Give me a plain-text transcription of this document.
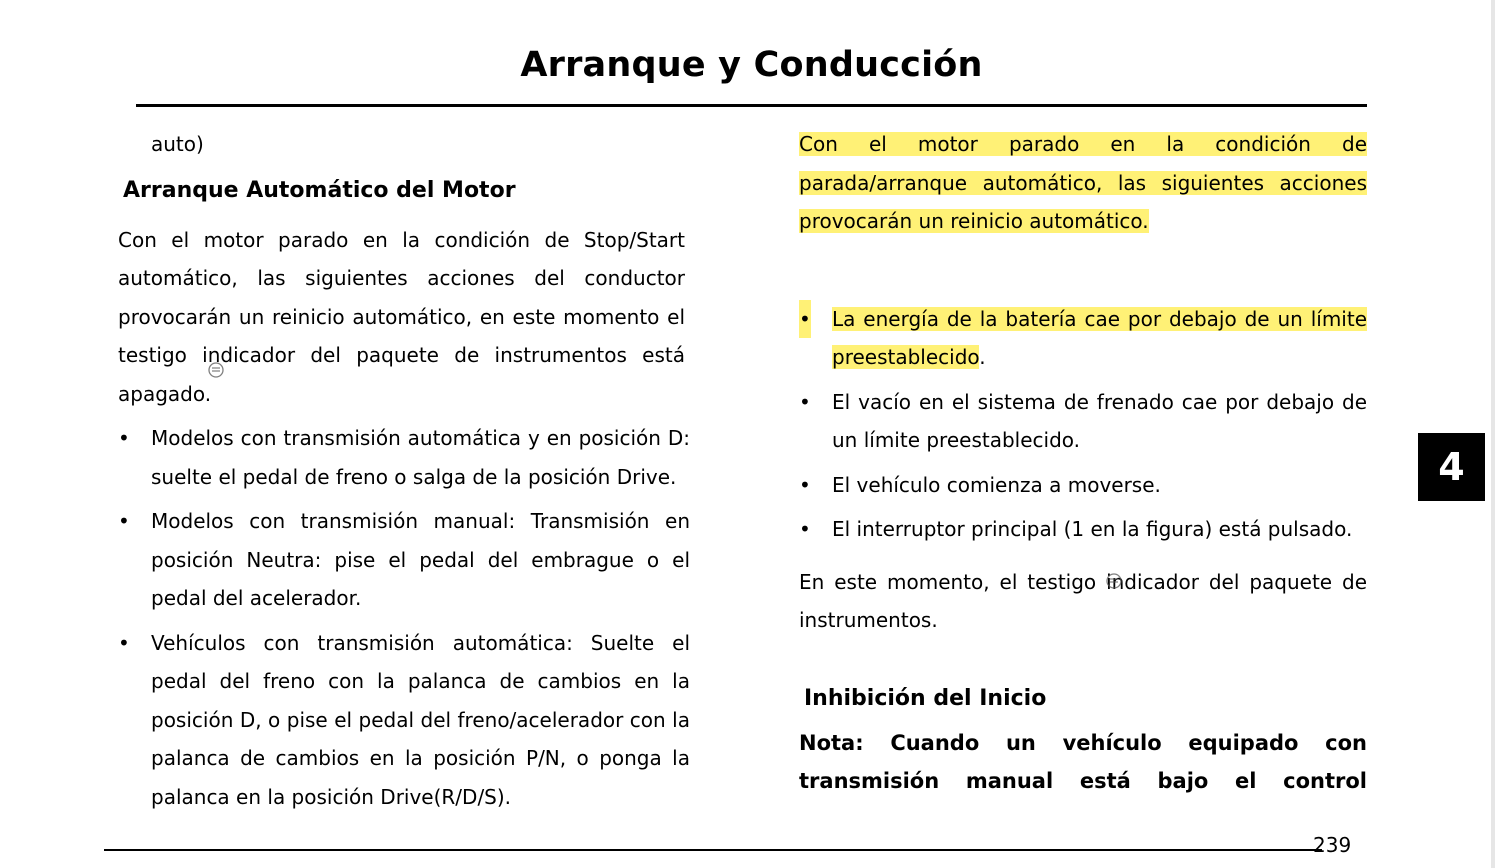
Arranque y Conducción
auto)
Arranque Automático del Motor

Con el motor parado en la condición de Stop/Start automático, las siguientes acciones del conductor provocarán un reinicio automático, en este momento el testigo indicador del paquete de instrumentos está apagado.

• Modelos con transmisión automática y en posición D: suelte el pedal de freno o salga de la posición Drive.
• Modelos con transmisión manual: Transmisión en posición Neutra: pise el pedal del embrague o el pedal del acelerador.
• Vehículos con transmisión automática: Suelte el pedal del freno con la palanca de cambios en la posición D, o pise el pedal del freno/acelerador con la palanca de cambios en la posición P/N, o ponga la palanca en la posición Drive(R/D/S).

Con el motor parado en la condición de parada/arranque automático, las siguientes acciones provocarán un reinicio automático.

• La energía de la batería cae por debajo de un límite preestablecido.
• El vacío en el sistema de frenado cae por debajo de un límite preestablecido.
• El vehículo comienza a moverse.
• El interruptor principal (1 en la figura) está pulsado.

En este momento, el testigo indicador del paquete de instrumentos.

Inhibición del Inicio

Nota: Cuando un vehículo equipado con transmisión manual está bajo el control

4
239
